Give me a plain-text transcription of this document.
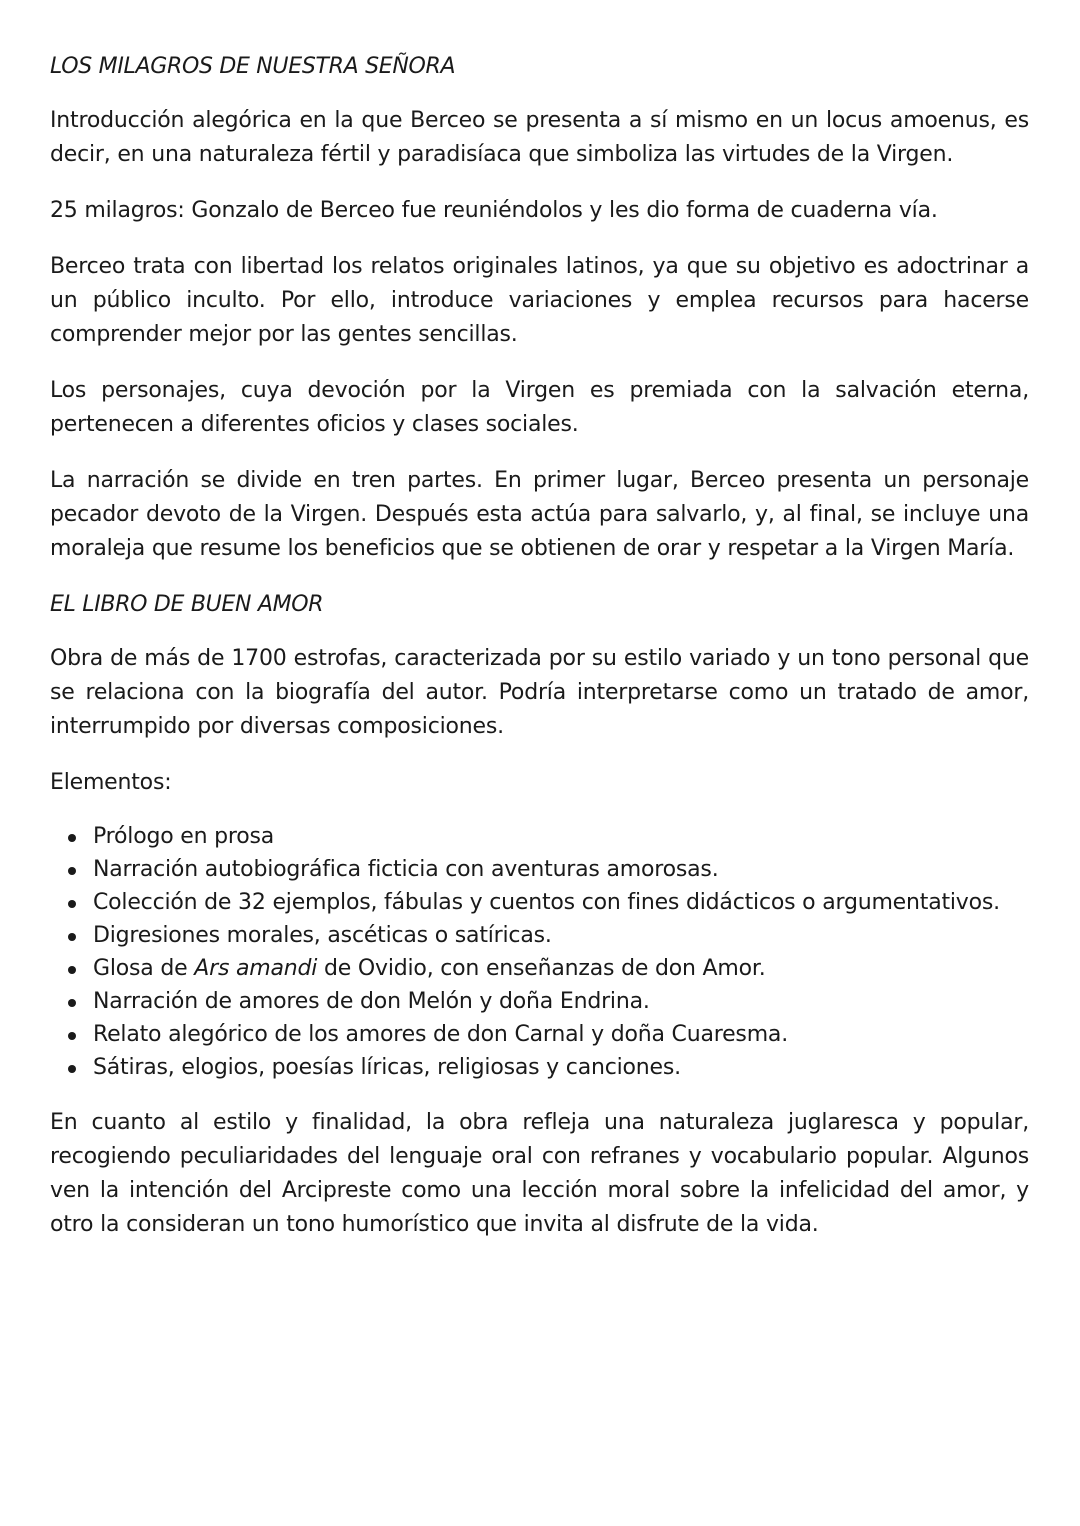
LOS MILAGROS DE NUESTRA SEÑORA

Introducción alegórica en la que Berceo se presenta a sí mismo en un locus amoenus, es decir, en una naturaleza fértil y paradisíaca que simboliza las virtudes de la Virgen.

25 milagros: Gonzalo de Berceo fue reuniéndolos y les dio forma de cuaderna vía.

Berceo trata con libertad los relatos originales latinos, ya que su objetivo es adoctrinar a un público inculto. Por ello, introduce variaciones y emplea recursos para hacerse comprender mejor por las gentes sencillas.

Los personajes, cuya devoción por la Virgen es premiada con la salvación eterna, pertenecen a diferentes oficios y clases sociales.

La narración se divide en tren partes. En primer lugar, Berceo presenta un personaje pecador devoto de la Virgen. Después esta actúa para salvarlo, y, al final, se incluye una moraleja que resume los beneficios que se obtienen de orar y respetar a la Virgen María.

EL LIBRO DE BUEN AMOR

Obra de más de 1700 estrofas, caracterizada por su estilo variado y un tono personal que se relaciona con la biografía del autor. Podría interpretarse como un tratado de amor, interrumpido por diversas composiciones.

Elementos:

Prólogo en prosa
Narración autobiográfica ficticia con aventuras amorosas.
Colección de 32 ejemplos, fábulas y cuentos con fines didácticos o argumentativos.
Digresiones morales, ascéticas o satíricas.
Glosa de Ars amandi de Ovidio, con enseñanzas de don Amor.
Narración de amores de don Melón y doña Endrina.
Relato alegórico de los amores de don Carnal y doña Cuaresma.
Sátiras, elogios, poesías líricas, religiosas y canciones.

En cuanto al estilo y finalidad, la obra refleja una naturaleza juglaresca y popular, recogiendo peculiaridades del lenguaje oral con refranes y vocabulario popular. Algunos ven la intención del Arcipreste como una lección moral sobre la infelicidad del amor, y otro la consideran un tono humorístico que invita al disfrute de la vida.
